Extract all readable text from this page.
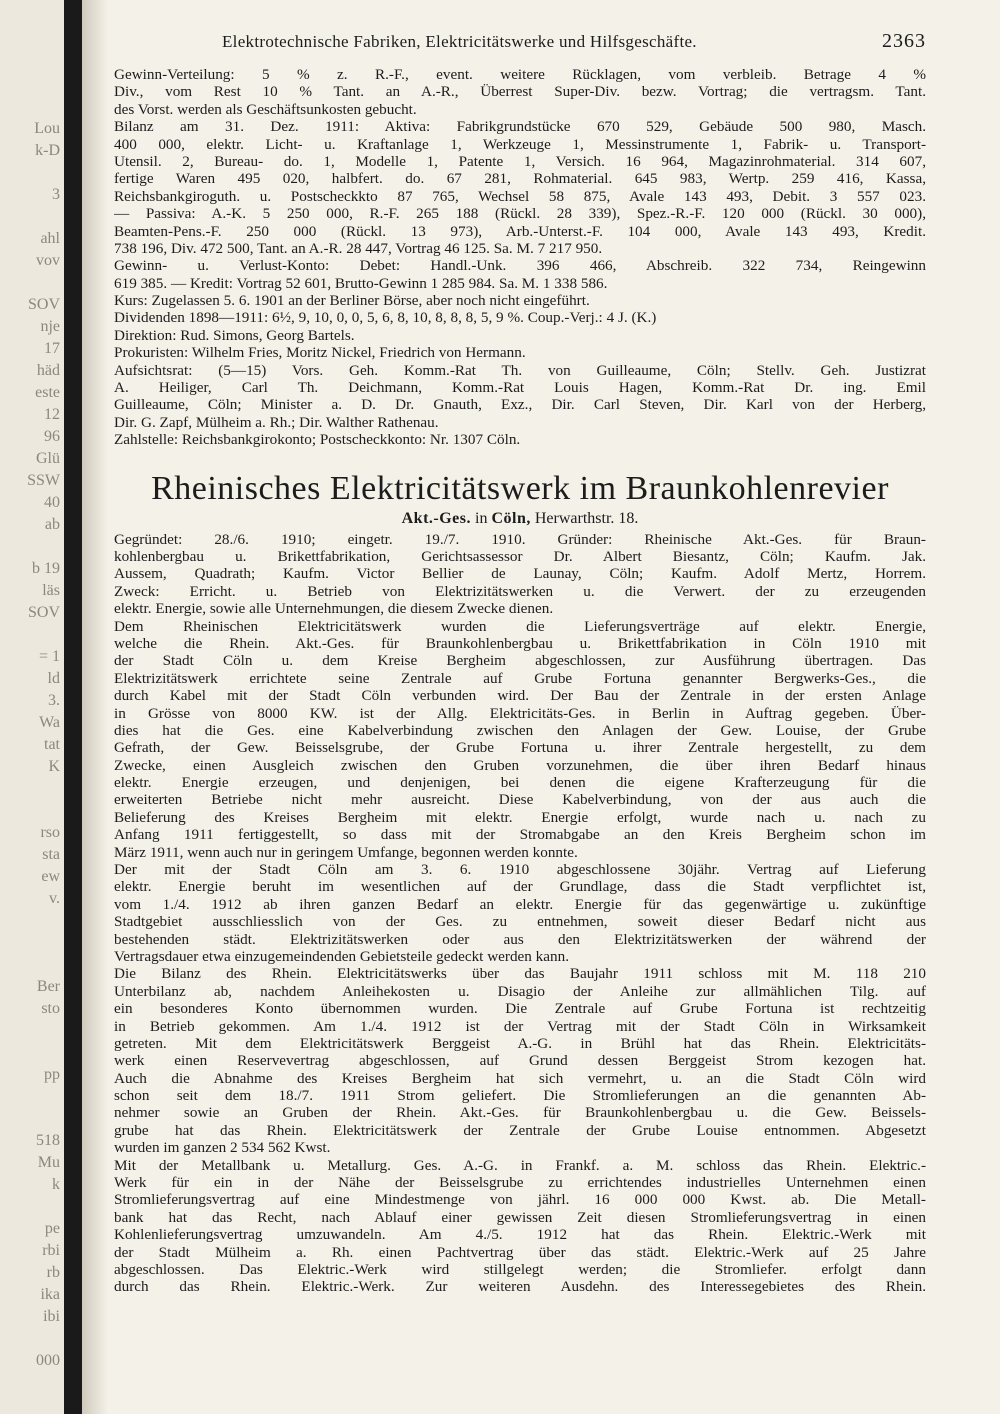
Lou
k-D
3
ahl
vov
SOV
nje
17
häd
este
12
96
Glü
SSW
40
ab
b 19
läs
SOV
= 1
ld
3.
Wa
tat
K
rso
sta
ew
v.
Ber
sto
pp
518
Mu
k
pe
rbi
rb
ika
ibi
000
Elektrotechnische Fabriken, Elektricitätswerke und Hilfsgeschäfte.	2363
Gewinn-Verteilung: 5 % z. R.-F., event. weitere Rücklagen, vom verbleib. Betrage 4 %
Div., vom Rest 10 % Tant. an A.-R., Überrest Super-Div. bezw. Vortrag; die vertragsm. Tant.
des Vorst. werden als Geschäftsunkosten gebucht.
Bilanz am 31. Dez. 1911: Aktiva: Fabrikgrundstücke 670 529, Gebäude 500 980, Masch.
400 000, elektr. Licht- u. Kraftanlage 1, Werkzeuge 1, Messinstrumente 1, Fabrik- u. Transport-
Utensil. 2, Bureau- do. 1, Modelle 1, Patente 1, Versich. 16 964, Magazinrohmaterial. 314 607,
fertige Waren 495 020, halbfert. do. 67 281, Rohmaterial. 645 983, Wertp. 259 416, Kassa,
Reichsbankgiroguth. u. Postscheckkto 87 765, Wechsel 58 875, Avale 143 493, Debit. 3 557 023.
— Passiva: A.-K. 5 250 000, R.-F. 265 188 (Rückl. 28 339), Spez.-R.-F. 120 000 (Rückl. 30 000),
Beamten-Pens.-F. 250 000 (Rückl. 13 973), Arb.-Unterst.-F. 104 000, Avale 143 493, Kredit.
738 196, Div. 472 500, Tant. an A.-R. 28 447, Vortrag 46 125. Sa. M. 7 217 950.
Gewinn- u. Verlust-Konto: Debet: Handl.-Unk. 396 466, Abschreib. 322 734, Reingewinn
619 385. — Kredit: Vortrag 52 601, Brutto-Gewinn 1 285 984. Sa. M. 1 338 586.
Kurs: Zugelassen 5. 6. 1901 an der Berliner Börse, aber noch nicht eingeführt.
Dividenden 1898—1911: 6½, 9, 10, 0, 0, 5, 6, 8, 10, 8, 8, 8, 5, 9 %. Coup.-Verj.: 4 J. (K.)
Direktion: Rud. Simons, Georg Bartels.
Prokuristen: Wilhelm Fries, Moritz Nickel, Friedrich von Hermann.
Aufsichtsrat: (5—15) Vors. Geh. Komm.-Rat Th. von Guilleaume, Cöln; Stellv. Geh. Justizrat
A. Heiliger, Carl Th. Deichmann, Komm.-Rat Louis Hagen, Komm.-Rat Dr. ing. Emil
Guilleaume, Cöln; Minister a. D. Dr. Gnauth, Exz., Dir. Carl Steven, Dir. Karl von der Herberg,
Dir. G. Zapf, Mülheim a. Rh.; Dir. Walther Rathenau.
Zahlstelle: Reichsbankgirokonto; Postscheckkonto: Nr. 1307 Cöln.
Rheinisches Elektricitätswerk im Braunkohlenrevier
Akt.-Ges. in Cöln, Herwarthstr. 18.
Gegründet: 28./6. 1910; eingetr. 19./7. 1910. Gründer: Rheinische Akt.-Ges. für Braun-
kohlenbergbau u. Brikettfabrikation, Gerichtsassessor Dr. Albert Biesantz, Cöln; Kaufm. Jak.
Aussem, Quadrath; Kaufm. Victor Bellier de Launay, Cöln; Kaufm. Adolf Mertz, Horrem.
Zweck: Erricht. u. Betrieb von Elektrizitätswerken u. die Verwert. der zu erzeugenden
elektr. Energie, sowie alle Unternehmungen, die diesem Zwecke dienen.
Dem Rheinischen Elektricitätswerk wurden die Lieferungsverträge auf elektr. Energie,
welche die Rhein. Akt.-Ges. für Braunkohlenbergbau u. Brikettfabrikation in Cöln 1910 mit
der Stadt Cöln u. dem Kreise Bergheim abgeschlossen, zur Ausführung übertragen. Das
Elektrizitätswerk errichtete seine Zentrale auf Grube Fortuna genannter Bergwerks-Ges., die
durch Kabel mit der Stadt Cöln verbunden wird. Der Bau der Zentrale in der ersten Anlage
in Grösse von 8000 KW. ist der Allg. Elektricitäts-Ges. in Berlin in Auftrag gegeben. Über-
dies hat die Ges. eine Kabelverbindung zwischen den Anlagen der Gew. Louise, der Grube
Gefrath, der Gew. Beisselsgrube, der Grube Fortuna u. ihrer Zentrale hergestellt, zu dem
Zwecke, einen Ausgleich zwischen den Gruben vorzunehmen, die über ihren Bedarf hinaus
elektr. Energie erzeugen, und denjenigen, bei denen die eigene Krafterzeugung für die
erweiterten Betriebe nicht mehr ausreicht. Diese Kabelverbindung, von der aus auch die
Belieferung des Kreises Bergheim mit elektr. Energie erfolgt, wurde nach u. nach zu
Anfang 1911 fertiggestellt, so dass mit der Stromabgabe an den Kreis Bergheim schon im
März 1911, wenn auch nur in geringem Umfange, begonnen werden konnte.
Der mit der Stadt Cöln am 3. 6. 1910 abgeschlossene 30jähr. Vertrag auf Lieferung
elektr. Energie beruht im wesentlichen auf der Grundlage, dass die Stadt verpflichtet ist,
vom 1./4. 1912 ab ihren ganzen Bedarf an elektr. Energie für das gegenwärtige u. zukünftige
Stadtgebiet ausschliesslich von der Ges. zu entnehmen, soweit dieser Bedarf nicht aus
bestehenden städt. Elektrizitätswerken oder aus den Elektrizitätswerken der während der
Vertragsdauer etwa einzugemeindenden Gebietsteile gedeckt werden kann.
Die Bilanz des Rhein. Elektricitätswerks über das Baujahr 1911 schloss mit M. 118 210
Unterbilanz ab, nachdem Anleihekosten u. Disagio der Anleihe zur allmählichen Tilg. auf
ein besonderes Konto übernommen wurden. Die Zentrale auf Grube Fortuna ist rechtzeitig
in Betrieb gekommen. Am 1./4. 1912 ist der Vertrag mit der Stadt Cöln in Wirksamkeit
getreten. Mit dem Elektricitätswerk Berggeist A.-G. in Brühl hat das Rhein. Elektricitäts-
werk einen Reservevertrag abgeschlossen, auf Grund dessen Berggeist Strom kezogen hat.
Auch die Abnahme des Kreises Bergheim hat sich vermehrt, u. an die Stadt Cöln wird
schon seit dem 18./7. 1911 Strom geliefert. Die Stromlieferungen an die genannten Ab-
nehmer sowie an Gruben der Rhein. Akt.-Ges. für Braunkohlenbergbau u. die Gew. Beissels-
grube hat das Rhein. Elektricitätswerk der Zentrale der Grube Louise entnommen. Abgesetzt
wurden im ganzen 2 534 562 Kwst.
Mit der Metallbank u. Metallurg. Ges. A.-G. in Frankf. a. M. schloss das Rhein. Elektric.-
Werk für ein in der Nähe der Beisselsgrube zu errichtendes industrielles Unternehmen einen
Stromlieferungsvertrag auf eine Mindestmenge von jährl. 16 000 000 Kwst. ab. Die Metall-
bank hat das Recht, nach Ablauf einer gewissen Zeit diesen Stromlieferungsvertrag in einen
Kohlenlieferungsvertrag umzuwandeln. Am 4./5. 1912 hat das Rhein. Elektric.-Werk mit
der Stadt Mülheim a. Rh. einen Pachtvertrag über das städt. Elektric.-Werk auf 25 Jahre
abgeschlossen. Das Elektric.-Werk wird stillgelegt werden; die Stromliefer. erfolgt dann
durch das Rhein. Elektric.-Werk. Zur weiteren Ausdehn. des Interessegebietes des Rhein.
